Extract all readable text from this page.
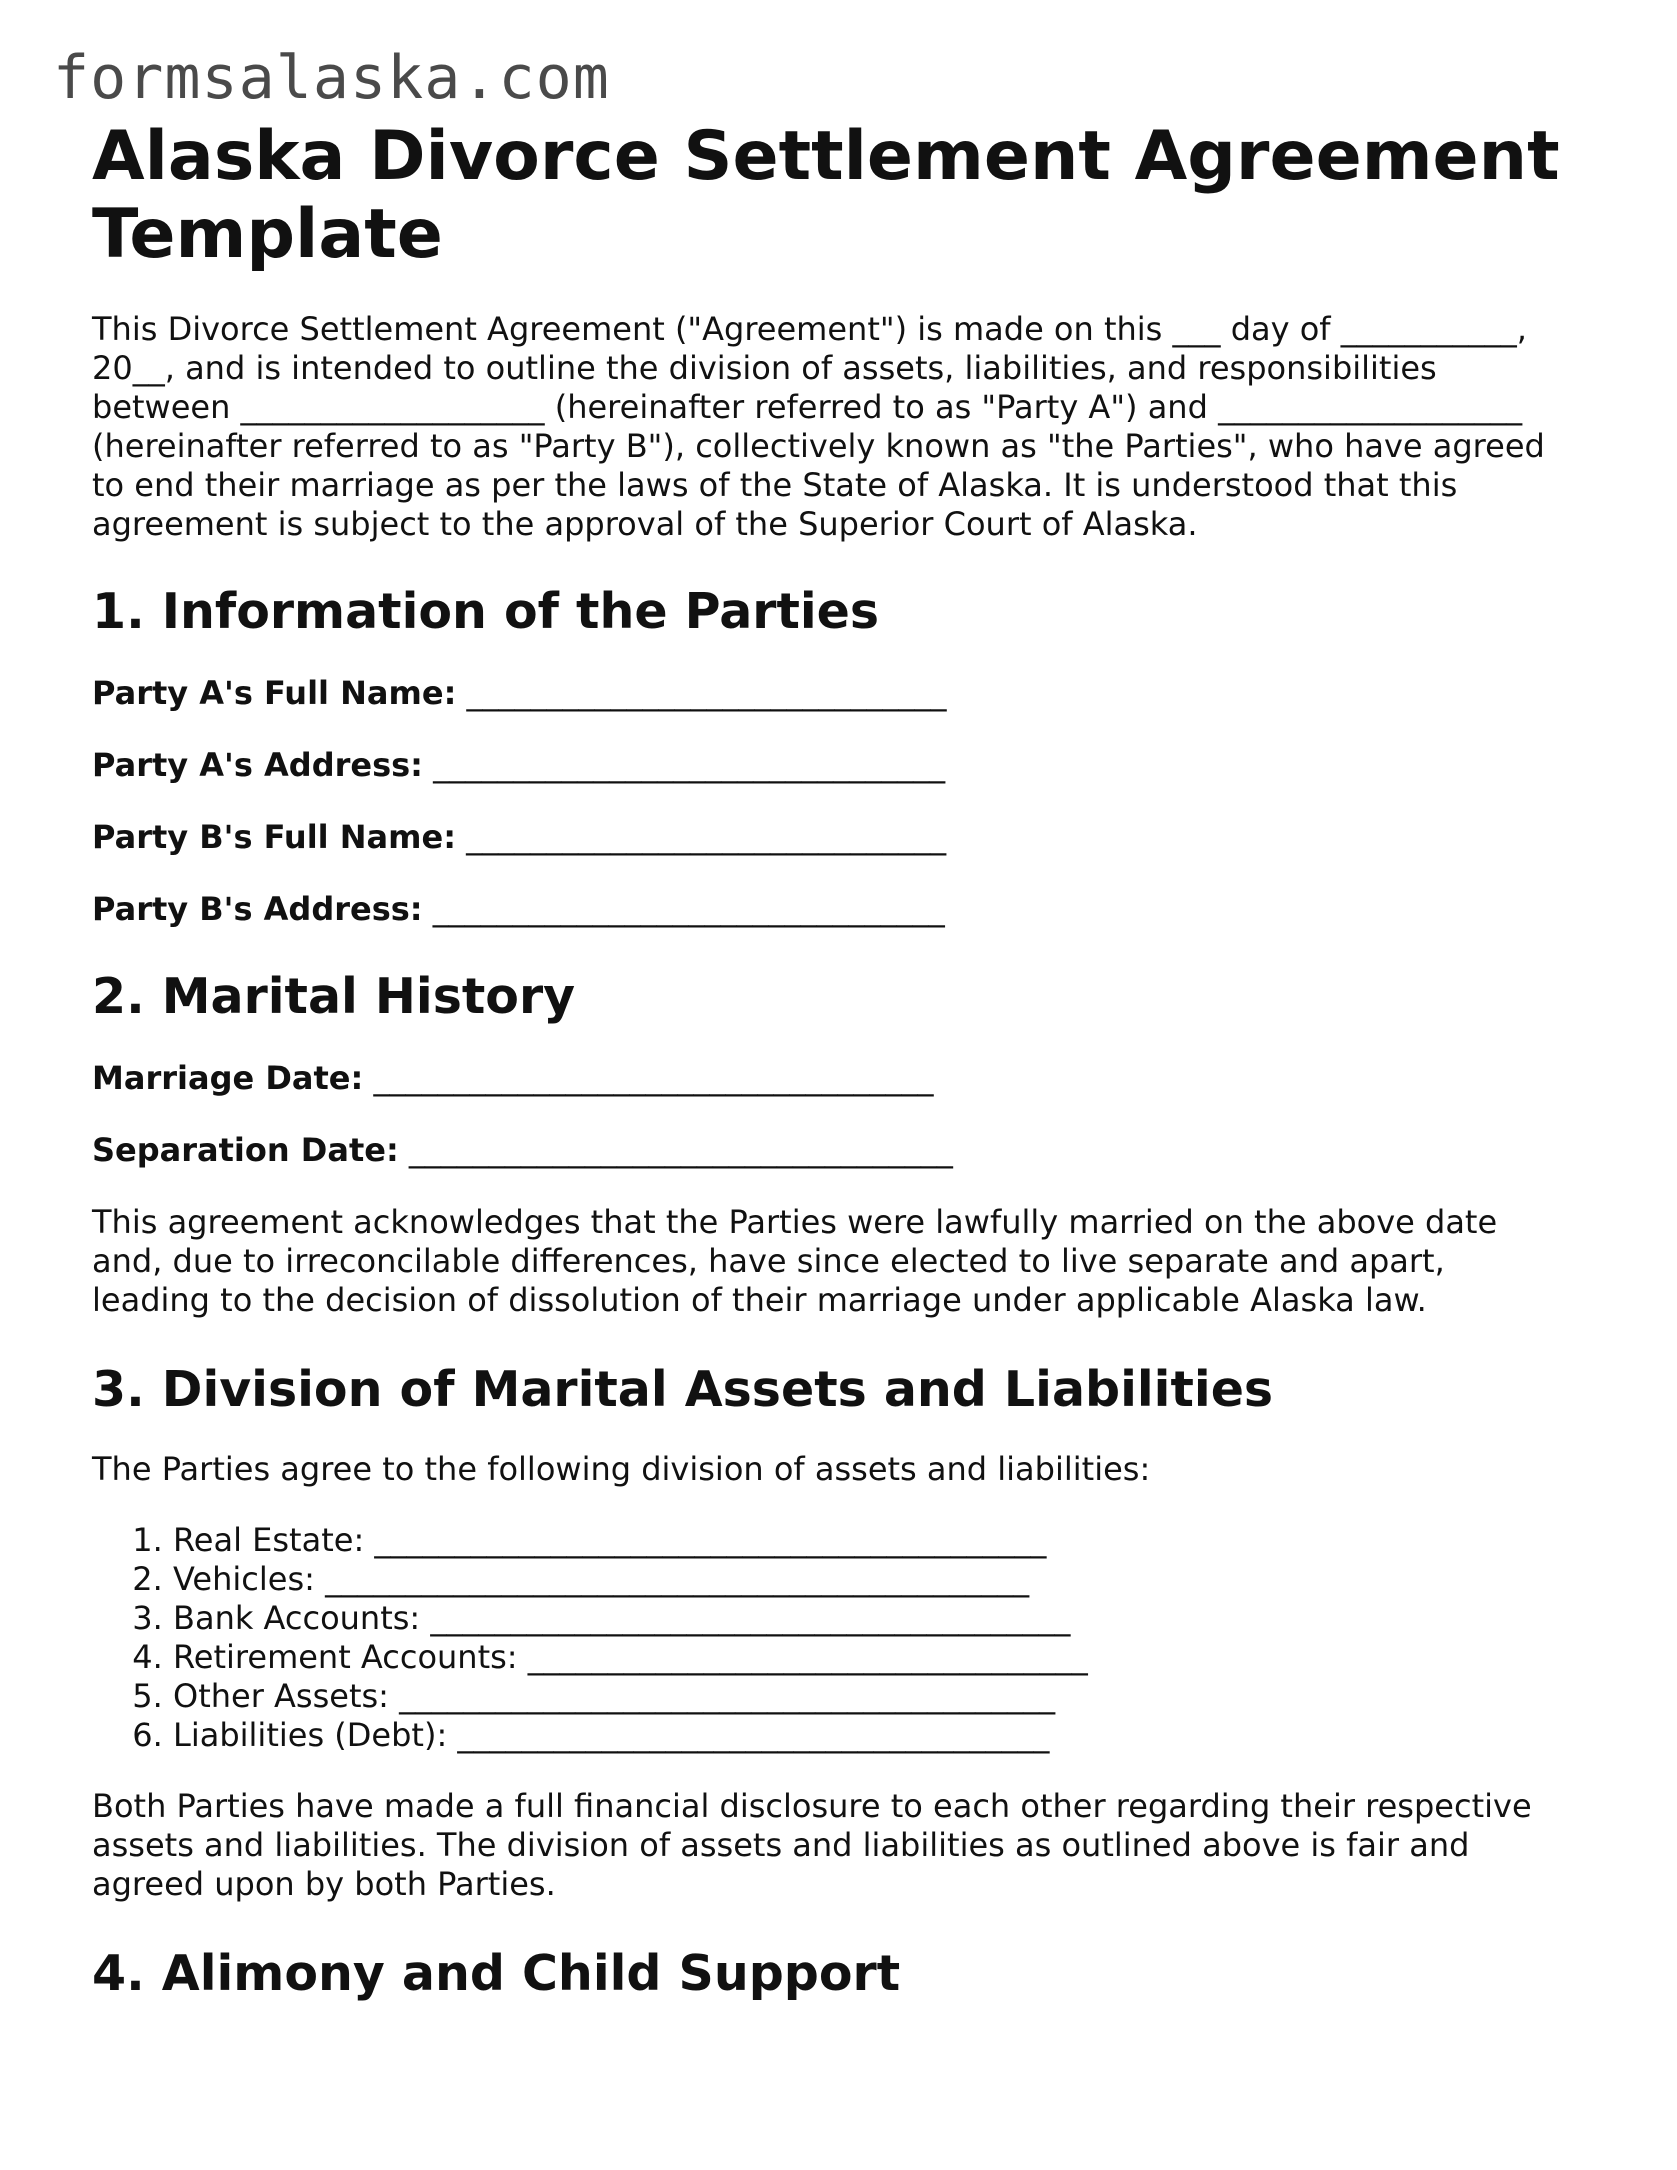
formsalaska.com
Alaska Divorce Settlement Agreement Template

This Divorce Settlement Agreement ("Agreement") is made on this ___ day of ___________, 20__, and is intended to outline the division of assets, liabilities, and responsibilities between ___________________ (hereinafter referred to as "Party A") and ___________________ (hereinafter referred to as "Party B"), collectively known as "the Parties", who have agreed to end their marriage as per the laws of the State of Alaska. It is understood that this agreement is subject to the approval of the Superior Court of Alaska.

1. Information of the Parties

Party A's Full Name: ______________________________

Party A's Address: ________________________________

Party B's Full Name: ______________________________

Party B's Address: ________________________________

2. Marital History

Marriage Date: ___________________________________

Separation Date: __________________________________

This agreement acknowledges that the Parties were lawfully married on the above date and, due to irreconcilable differences, have since elected to live separate and apart, leading to the decision of dissolution of their marriage under applicable Alaska law.

3. Division of Marital Assets and Liabilities

The Parties agree to the following division of assets and liabilities:

1. Real Estate: __________________________________________
2. Vehicles: ____________________________________________
3. Bank Accounts: ________________________________________
4. Retirement Accounts: ___________________________________
5. Other Assets: _________________________________________
6. Liabilities (Debt): _____________________________________

Both Parties have made a full financial disclosure to each other regarding their respective assets and liabilities. The division of assets and liabilities as outlined above is fair and agreed upon by both Parties.

4. Alimony and Child Support
